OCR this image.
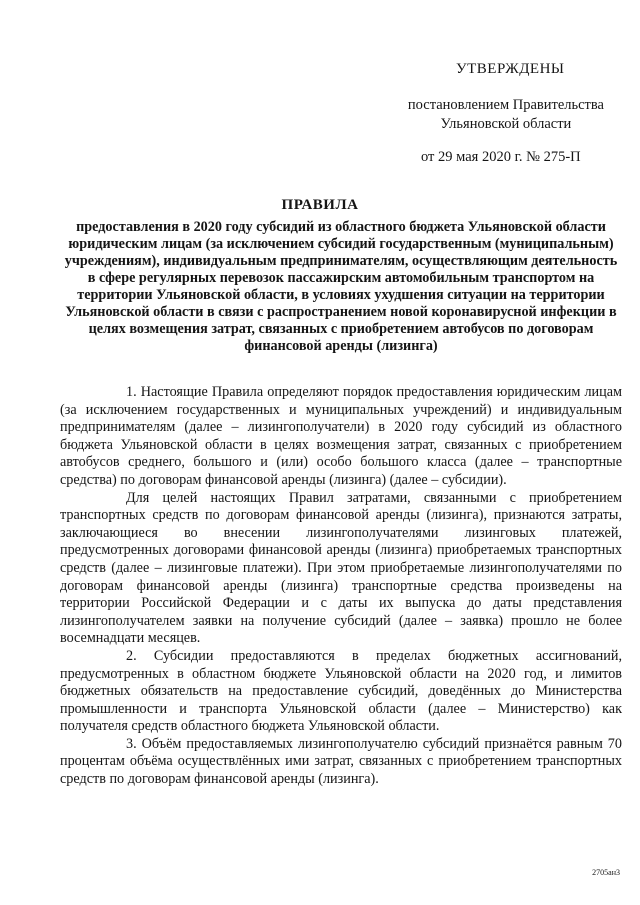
УТВЕРЖДЕНЫ
постановлением Правительства
Ульяновской области
от 29 мая 2020 г. № 275-П
ПРАВИЛА
предоставления в 2020 году субсидий из областного бюджета Ульяновской области юридическим лицам (за исключением субсидий государственным (муниципальным) учреждениям), индивидуальным предпринимателям, осуществляющим деятельность в сфере регулярных перевозок пассажирским автомобильным транспортом на территории Ульяновской области, в условиях ухудшения ситуации на территории Ульяновской области в связи с распространением новой коронавирусной инфекции в целях возмещения затрат, связанных с приобретением автобусов по договорам финансовой аренды (лизинга)

1. Настоящие Правила определяют порядок предоставления юридическим лицам (за исключением государственных и муниципальных учреждений) и индивидуальным предпринимателям (далее – лизингополучатели) в 2020 году субсидий из областного бюджета Ульяновской области в целях возмещения затрат, связанных с приобретением автобусов среднего, большого и (или) особо большого класса (далее – транспортные средства) по договорам финансовой аренды (лизинга) (далее – субсидии).

Для целей настоящих Правил затратами, связанными с приобретением транспортных средств по договорам финансовой аренды (лизинга), признаются затраты, заключающиеся во внесении лизингополучателями лизинговых платежей, предусмотренных договорами финансовой аренды (лизинга) приобретаемых транспортных средств (далее – лизинговые платежи). При этом приобретаемые лизингополучателями по договорам финансовой аренды (лизинга) транспортные средства произведены на территории Российской Федерации и с даты их выпуска до даты представления лизингополучателем заявки на получение субсидий (далее – заявка) прошло не более восемнадцати месяцев.

2. Субсидии предоставляются в пределах бюджетных ассигнований, предусмотренных в областном бюджете Ульяновской области на 2020 год, и лимитов бюджетных обязательств на предоставление субсидий, доведённых до Министерства промышленности и транспорта Ульяновской области (далее – Министерство) как получателя средств областного бюджета Ульяновской области.

3. Объём предоставляемых лизингополучателю субсидий признаётся равным 70 процентам объёма осуществлённых ими затрат, связанных с приобретением транспортных средств по договорам финансовой аренды (лизинга).

2705ан3
